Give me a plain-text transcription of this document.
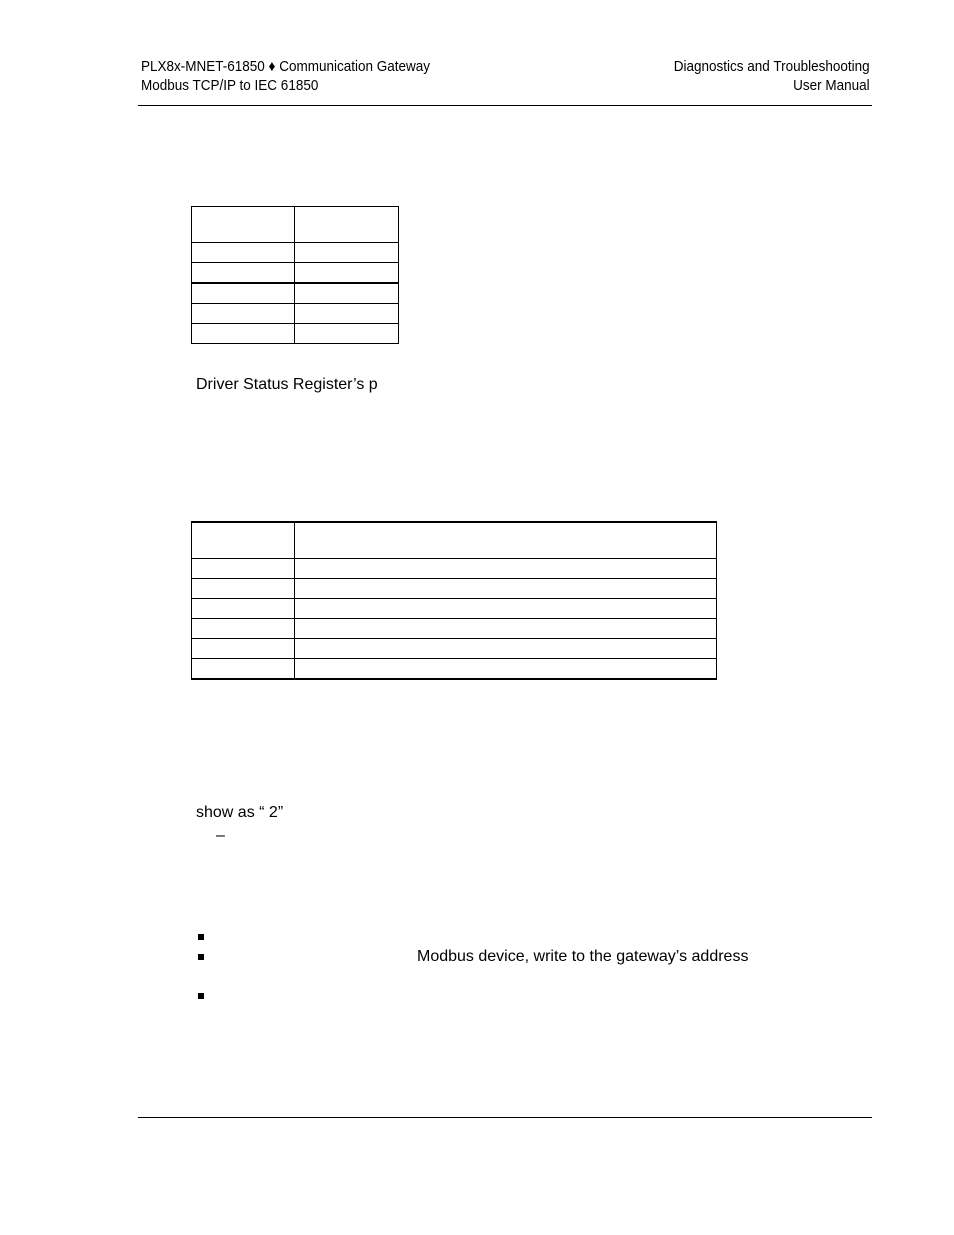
PLX8x-MNET-61850 ♦ Communication Gateway
Modbus TCP/IP to IEC 61850
Diagnostics and Troubleshooting
User Manual

Driver Status Register’s p

show as “ 2”
–
Modbus device, write to the gateway’s address
